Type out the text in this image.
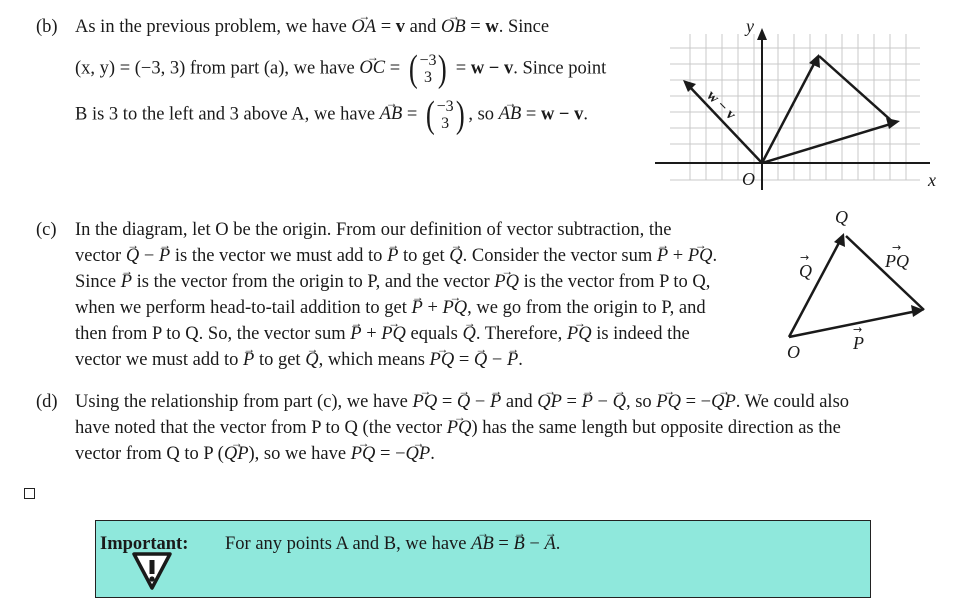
(b) As in the previous problem, we have → OA = v and → OB = w. Since
(x, y) = (−3, 3) from part (a), we have → OC = ( −3
3 ) = w − v. Since point
B is 3 to the left and 3 above A, we have → AB = ( −3
3 ) , so → AB = w − v.
y
x
O
w − v
(c) In the diagram, let O be the origin. From our definition of vector subtraction, the
vector → Q − → P is the vector we must add to → P to get → Q. Consider the vector sum → P + → PQ.
Since → P is the vector from the origin to P, and the vector → PQ is the vector from P to Q,
when we perform head-to-tail addition to get → P + → PQ, we go from the origin to P, and
then from P to Q. So, the vector sum → P + → PQ equals → Q. Therefore, → PQ is indeed the
vector we must add to → P to get → Q, which means → PQ = → Q − → P.
Q
O
Q
→	PQ
→
P
→
(d) Using the relationship from part (c), we have → PQ = → Q − → P and → QP = → P − → Q, so → PQ = −→ QP. We could also
have noted that the vector from P to Q (the vector → PQ) has the same length but opposite direction as the
vector from Q to P (→ QP), so we have → PQ = −→ QP.
Important: For any points A and B, we have → AB = → B − → A.
